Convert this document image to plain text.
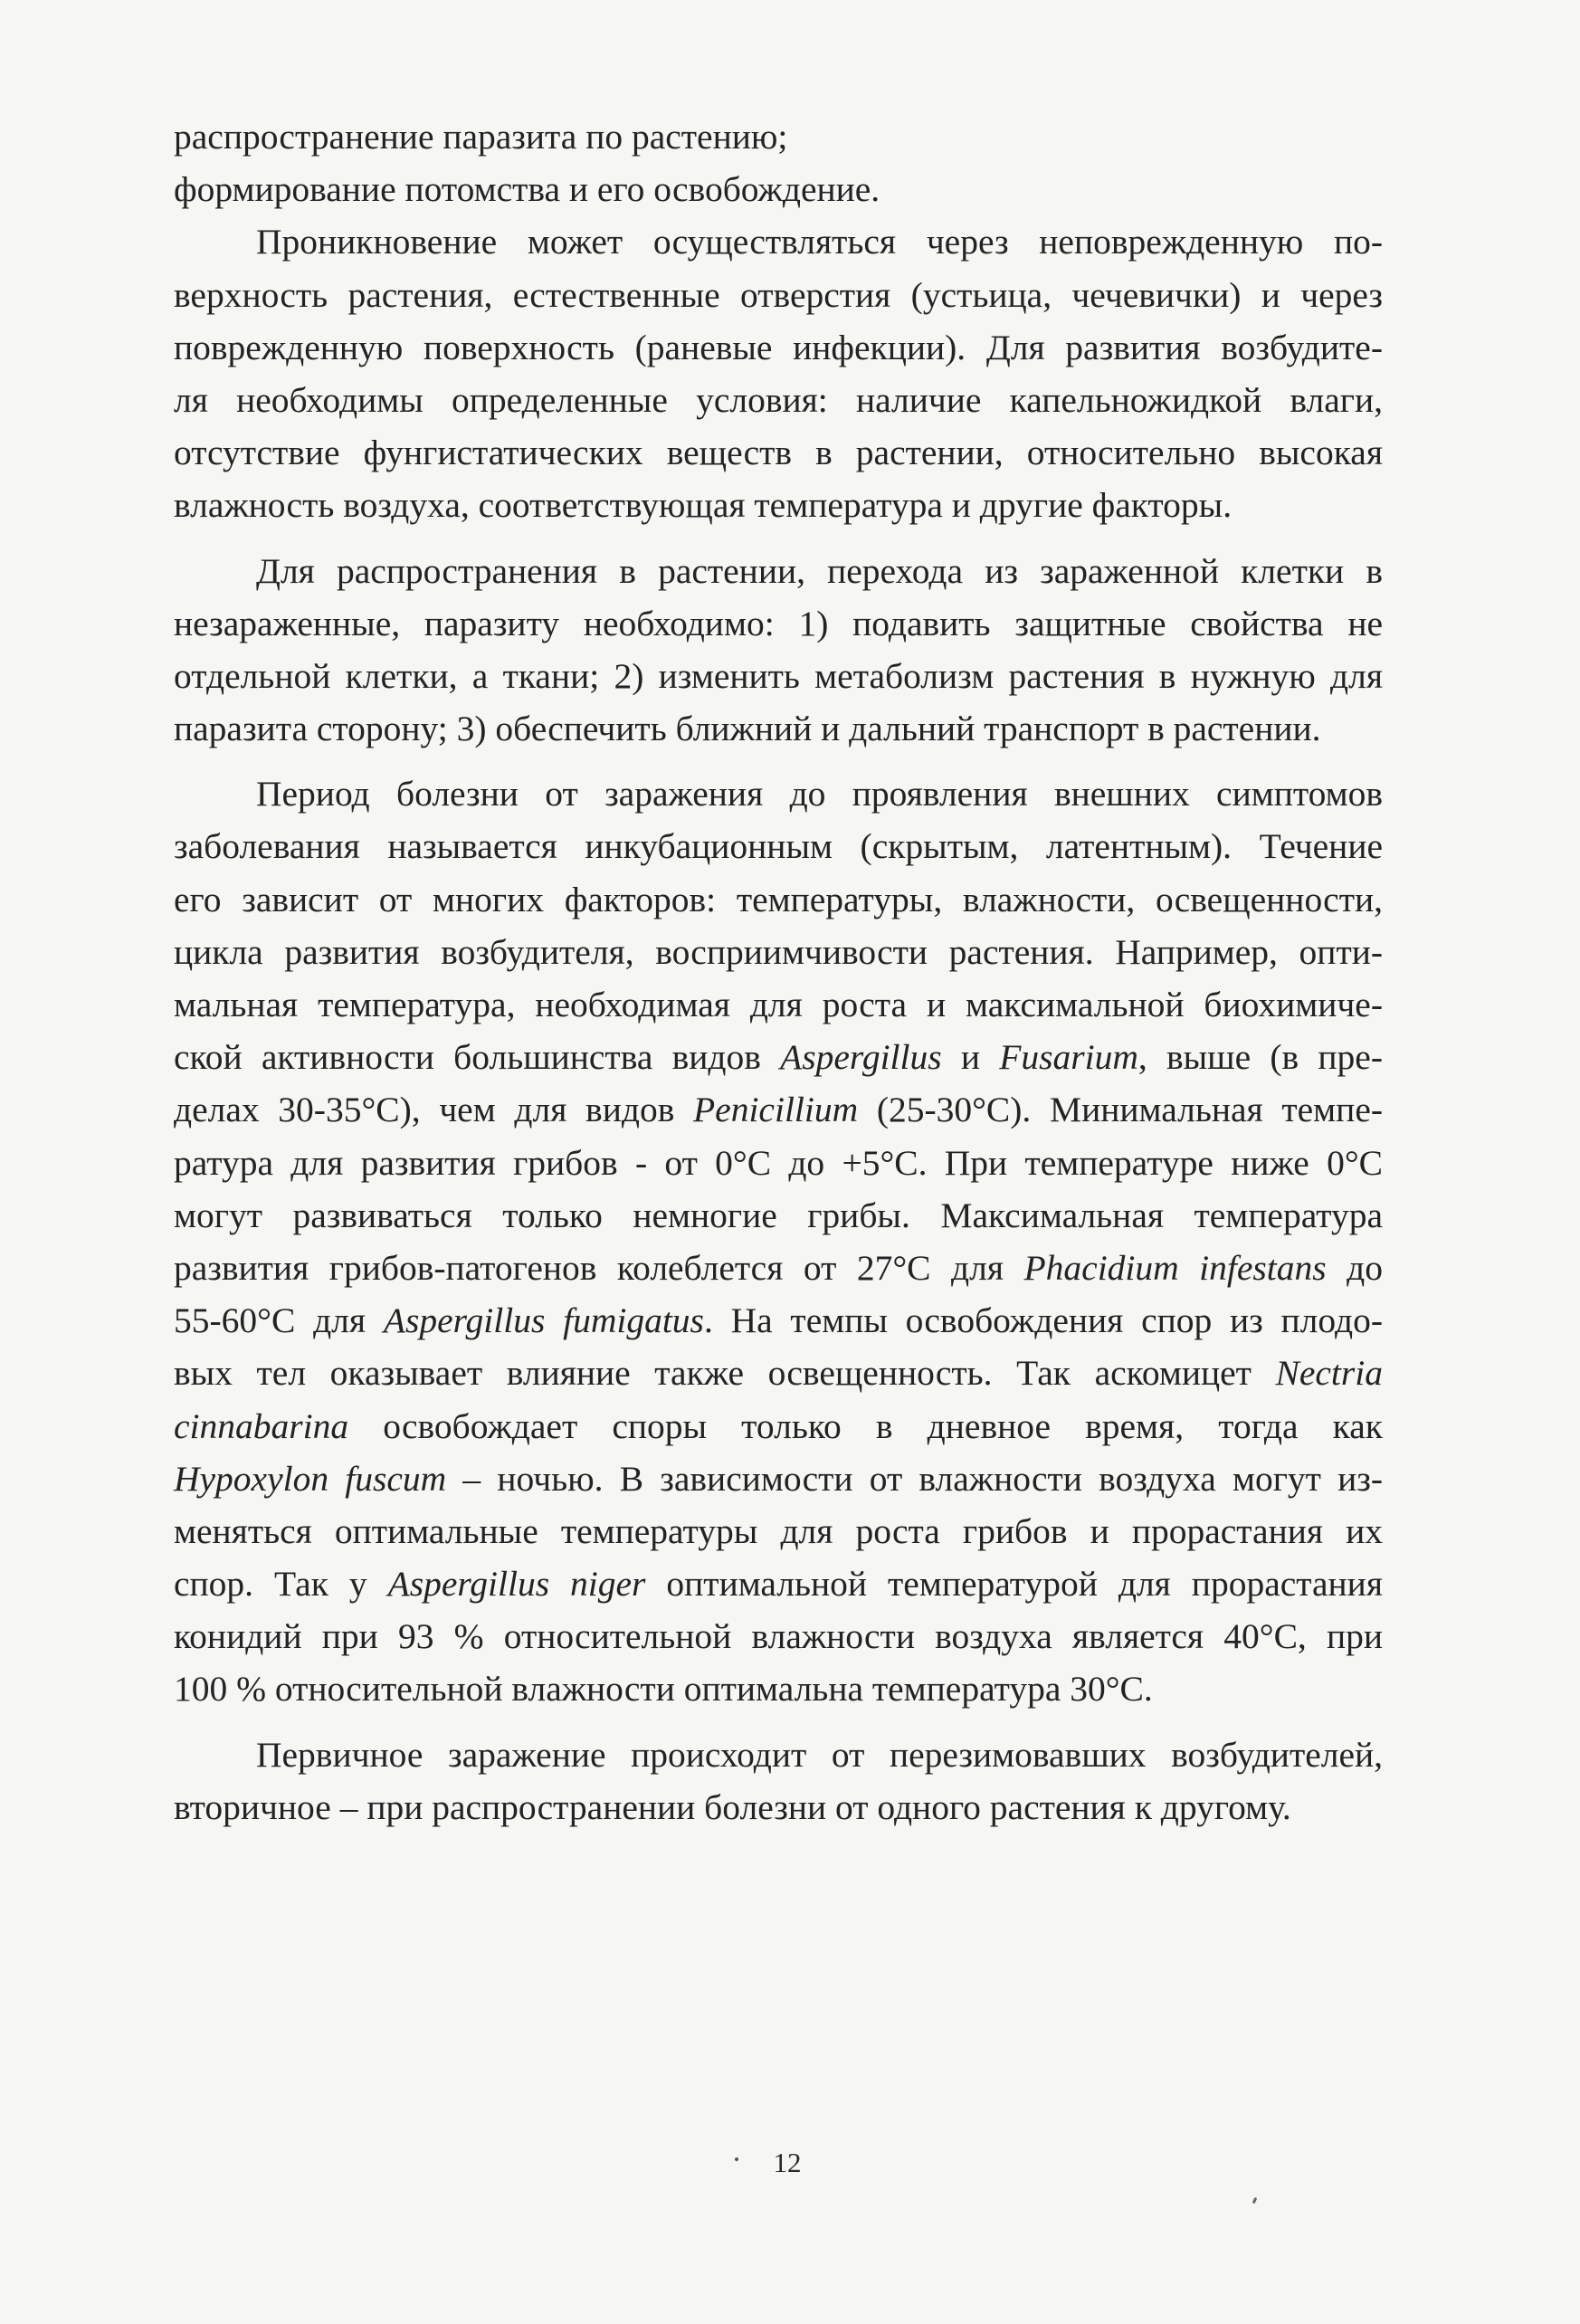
распространение паразита по растению;
формирование потомства и его освобождение.
Проникновение может осуществляться через неповрежденную по-
верхность растения, естественные отверстия (устьица, чечевички) и через
поврежденную поверхность (раневые инфекции). Для развития возбудите-
ля необходимы определенные условия: наличие капельножидкой влаги,
отсутствие фунгистатических веществ в растении, относительно высокая
влажность воздуха, соответствующая температура и другие факторы.
Для распространения в растении, перехода из зараженной клетки в
незараженные, паразиту необходимо: 1) подавить защитные свойства не
отдельной клетки, а ткани; 2) изменить метаболизм растения в нужную для
паразита сторону; 3) обеспечить ближний и дальний транспорт в растении.
Период болезни от заражения до проявления внешних симптомов
заболевания называется инкубационным (скрытым, латентным). Течение
его зависит от многих факторов: температуры, влажности, освещенности,
цикла развития возбудителя, восприимчивости растения. Например, опти-
мальная температура, необходимая для роста и максимальной биохимиче-
ской активности большинства видов Aspergillus и Fusarium, выше (в пре-
делах 30-35°С), чем для видов Penicillium (25-30°С). Минимальная темпе-
ратура для развития грибов - от 0°С до +5°С. При температуре ниже 0°С
могут развиваться только немногие грибы. Максимальная температура
развития грибов-патогенов колеблется от 27°С для Phacidium infestans до
55-60°С для Aspergillus fumigatus. На темпы освобождения спор из плодо-
вых тел оказывает влияние также освещенность. Так аскомицет Nectria
cinnabarina освобождает споры только в дневное время, тогда как
Hypoxylon fuscum – ночью. В зависимости от влажности воздуха могут из-
меняться оптимальные температуры для роста грибов и прорастания их
спор. Так у Aspergillus niger оптимальной температурой для прорастания
конидий при 93 % относительной влажности воздуха является 40°С, при
100 % относительной влажности оптимальна температура 30°С.
Первичное заражение происходит от перезимовавших возбудителей,
вторичное – при распространении болезни от одного растения к другому.
12
